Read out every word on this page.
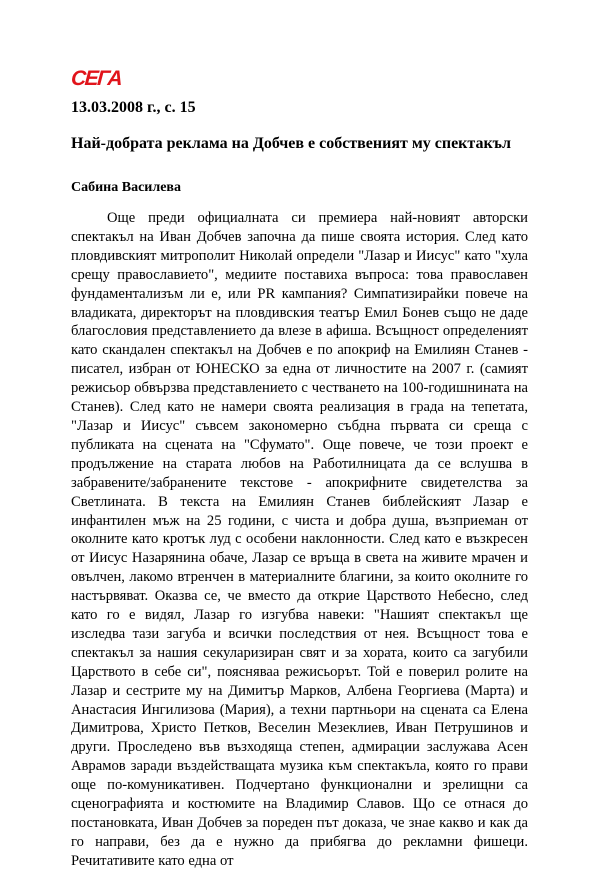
СЕГА
13.03.2008 г., с. 15
Най-добрата реклама на Добчев е собственият му спектакъл
Сабина Василева

Още преди официалната си премиера най-новият авторски спектакъл на Иван Добчев започна да пише своята история. След като пловдивският митрополит Николай определи "Лазар и Иисус" като "хула срещу православието", медиите поставиха въпроса: това православен фундаментализъм ли е, или PR кампания? Симпатизирайки повече на владиката, директорът на пловдивския театър Емил Бонев също не даде благословия представлението да влезе в афиша. Всъщност определеният като скандален спектакъл на Добчев е по апокриф на Емилиян Станев - писател, избран от ЮНЕСКО за една от личностите на 2007 г. (самият режисьор обвързва представлението с честването на 100-годишнината на Станев). След като не намери своята реализация в града на тепетата, "Лазар и Иисус" съвсем закономерно събдна първата си среща с публиката на сцената на "Сфумато". Още повече, че този проект е продължение на старата любов на Работилницата да се вслушва в забравените/забранените текстове - апокрифните свидетелства за Светлината. В текста на Емилиян Станев библейският Лазар е инфантилен мъж на 25 години, с чиста и добра душа, възприеман от околните като кротък луд с особени наклонности. След като е възкресен от Иисус Назарянина обаче, Лазар се връща в света на живите мрачен и овълчен, лакомо втренчен в материалните благини, за които околните го настървяват. Оказва се, че вместо да открие Царството Небесно, след като го е видял, Лазар го изгубва навеки: "Нашият спектакъл ще изследва тази загуба и всички последствия от нея. Всъщност това е спектакъл за нашия секуларизиран свят и за хората, които са загубили Царството в себе си", поясняваа режисьорът. Той е поверил ролите на Лазар и сестрите му на Димитър Марков, Албена Георгиева (Марта) и Анастасия Ингилизова (Мария), а техни партньори на сцената са Елена Димитрова, Христо Петков, Веселин Мезеклиев, Иван Петрушинов и други. Проследено във възходяща степен, адмирации заслужава Асен Аврамов заради въздействащата музика към спектакъла, която го прави още по-комуникативен. Подчертано функционални и зрелищни са сценографията и костюмите на Владимир Славов. Що се отнася до постановката, Иван Добчев за пореден път доказа, че знае какво и как да го направи, без да е нужно да прибягва до рекламни фишеци. Речитативите като една от
